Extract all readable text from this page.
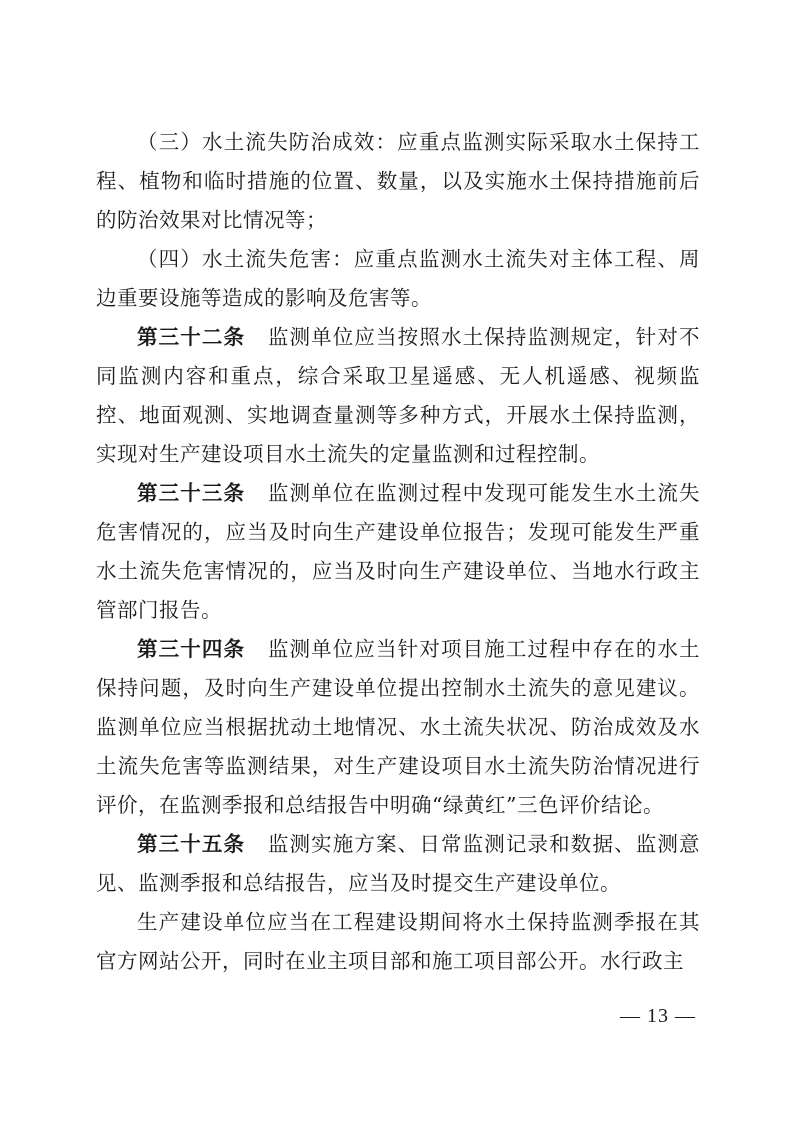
（三）水土流失防治成效：应重点监测实际采取水土保持工程、植物和临时措施的位置、数量，以及实施水土保持措施前后的防治效果对比情况等；

（四）水土流失危害：应重点监测水土流失对主体工程、周边重要设施等造成的影响及危害等。

第三十二条 监测单位应当按照水土保持监测规定，针对不同监测内容和重点，综合采取卫星遥感、无人机遥感、视频监控、地面观测、实地调查量测等多种方式，开展水土保持监测，实现对生产建设项目水土流失的定量监测和过程控制。

第三十三条 监测单位在监测过程中发现可能发生水土流失危害情况的，应当及时向生产建设单位报告；发现可能发生严重水土流失危害情况的，应当及时向生产建设单位、当地水行政主管部门报告。

第三十四条 监测单位应当针对项目施工过程中存在的水土保持问题，及时向生产建设单位提出控制水土流失的意见建议。监测单位应当根据扰动土地情况、水土流失状况、防治成效及水土流失危害等监测结果，对生产建设项目水土流失防治情况进行评价，在监测季报和总结报告中明确“绿黄红”三色评价结论。

第三十五条 监测实施方案、日常监测记录和数据、监测意见、监测季报和总结报告，应当及时提交生产建设单位。

生产建设单位应当在工程建设期间将水土保持监测季报在其官方网站公开，同时在业主项目部和施工项目部公开。水行政主

— 13 —
